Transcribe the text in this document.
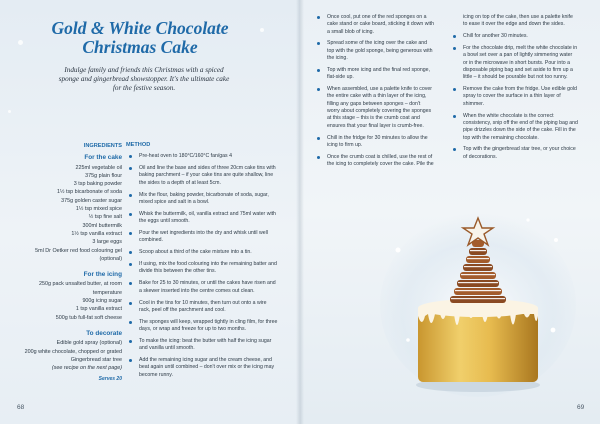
Gold & White Chocolate
Christmas Cake
Indulge family and friends this Christmas with a spiced sponge and gingerbread showstopper. It's the ultimate cake for the festive season.
INGREDIENTS
For the cake
225ml vegetable oil
375g plain flour
3 tsp baking powder
1½ tsp bicarbonate of soda
375g golden caster sugar
1½ tsp mixed spice
½ tsp fine salt
300ml buttermilk
1½ tsp vanilla extract
3 large eggs
5ml Dr Oetker red food colouring gel (optional)
For the icing
250g pack unsalted butter, at room temperature
900g icing sugar
1 tsp vanilla extract
500g tub full-fat soft cheese
To decorate
Edible gold spray (optional)
200g white chocolate, chopped or grated
Gingerbread star tree
(see recipe on the next page)
Serves 20
METHOD
Pre-heat oven to 180°C/160°C fan/gas 4
Oil and line the base and sides of three 20cm cake tins with baking parchment – if your cake tins are quite shallow, line the sides to a depth of at least 5cm.
Mix the flour, baking powder, bicarbonate of soda, sugar, mixed spice and salt in a bowl.
Whisk the buttermilk, oil, vanilla extract and 75ml water with the eggs until smooth.
Pour the wet ingredients into the dry and whisk until well combined.
Scoop about a third of the cake mixture into a tin.
If using, mix the food colouring into the remaining batter and divide this between the other tins.
Bake for 25 to 30 minutes, or until the cakes have risen and a skewer inserted into the centre comes out clean.
Cool in the tins for 10 minutes, then turn out onto a wire rack, peel off the parchment and cool.
The sponges will keep, wrapped tightly in cling film, for three days, or wrap and freeze for up to two months.
To make the icing: beat the butter with half the icing sugar and vanilla until smooth.
Add the remaining icing sugar and the cream cheese, and beat again until combined – don't over mix or the icing may become runny.
68
Once cool, put one of the red sponges on a cake stand or cake board, sticking it down with a small blob of icing.
Spread some of the icing over the cake and top with the gold sponge, being generous with the icing.
Top with more icing and the final red sponge, flat-side up.
When assembled, use a palette knife to cover the entire cake with a thin layer of the icing, filling any gaps between sponges – don't worry about completely covering the sponges at this stage – this is the crumb coat and ensures that your final layer is crumb-free.
Chill in the fridge for 30 minutes to allow the icing to firm up.
Once the crumb coat is chilled, use the rest of the icing to completely cover the cake. Pile the
icing on top of the cake, then use a palette knife to ease it over the edge and down the sides.
Chill for another 30 minutes.
For the chocolate drip, melt the white chocolate in a bowl set over a pan of lightly simmering water or in the microwave in short bursts. Pour into a disposable piping bag and set aside to firm up a little – it should be pourable but not too runny.
Remove the cake from the fridge. Use edible gold spray to cover the surface in a thin layer of shimmer.
When the white chocolate is the correct consistency, snip off the end of the piping bag and pipe drizzles down the side of the cake. Fill in the top with the remaining chocolate.
Top with the gingerbread star tree, or your choice of decorations.
69
